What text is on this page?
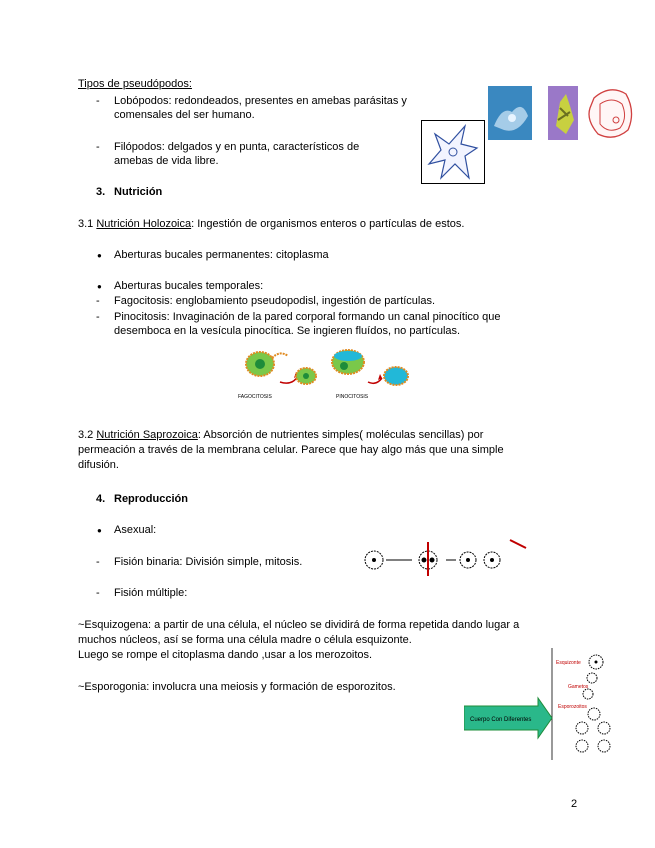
Tipos de pseudópodos:
- Lobópodos: redondeados, presentes en amebas parásitas y
comensales del ser humano.
- Filópodos: delgados y en punta, característicos de
amebas de vida libre.
3. Nutrición
3.1 Nutrición Holozoica: Ingestión de organismos enteros o partículas de estos.
● Aberturas bucales permanentes: citoplasma
● Aberturas bucales temporales:
- Fagocitosis: englobamiento pseudopodisl, ingestión de partículas.
- Pinocitosis: Invaginación de la pared corporal formando un canal pinocítico que
desemboca en la vesícula pinocítica. Se ingieren fluídos, no partículas.
FAGOCITOSIS	PINOCITOSIS
3.2 Nutrición Saprozoica: Absorción de nutrientes simples( moléculas sencillas) por
permeación a través de la membrana celular. Parece que hay algo más que una simple
difusión.
4. Reproducción
● Asexual:
- Fisión binaria: División simple, mitosis.
- Fisión múltiple:
~Esquizogena: a partir de una célula, el núcleo se dividirá de forma repetida dando lugar a
muchos núcleos, así se forma una célula madre o célula esquizonte.
Luego se rompe el citoplasma dando ,usar a los merozoitos.
~Esporogonia: involucra una meiosis y formación de esporozitos.
Cuerpo Con Diferentes
Esquizonte
Gametos
Esporozoitos
2
